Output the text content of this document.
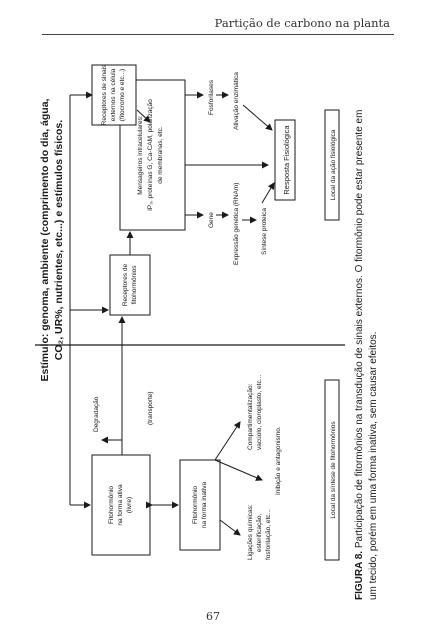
Partição de carbono na planta
Estímulo: genoma, ambiente (comprimento do dia, água, CO₂, UR%, nutrientes, etc...) e estímulos físicos.
Degradação
Fitohormônio na forma ativa (livre)
(transporte)
Fitohormônio na forma inativa	Ligações químicas: esterificação, fosforilação, etc...
Compartimentalização: vacúolo, cloroplasto, etc...
Inibição e antagonismo.	Local da síntese de fitohormônios
Receptores de fitohormônios
Mensageiros intracelulares: IP₃, proteínas G, Ca-CAM, polarização de membranas, etc.
Receptores de sinais externos na célula (fitocromo e etc...)
Gene	Expressão genética (RNAm)	Síntese proteica
Fosforilases	Ativação enzimática
Resposta Fisiológica	Local da ação fisiológica
FIGURA 8. Participação de fitormônios na transdução de sinais externos. O fitormônio pode estar presente em um tecido, porém em uma forma inativa, sem causar efeitos.
67
